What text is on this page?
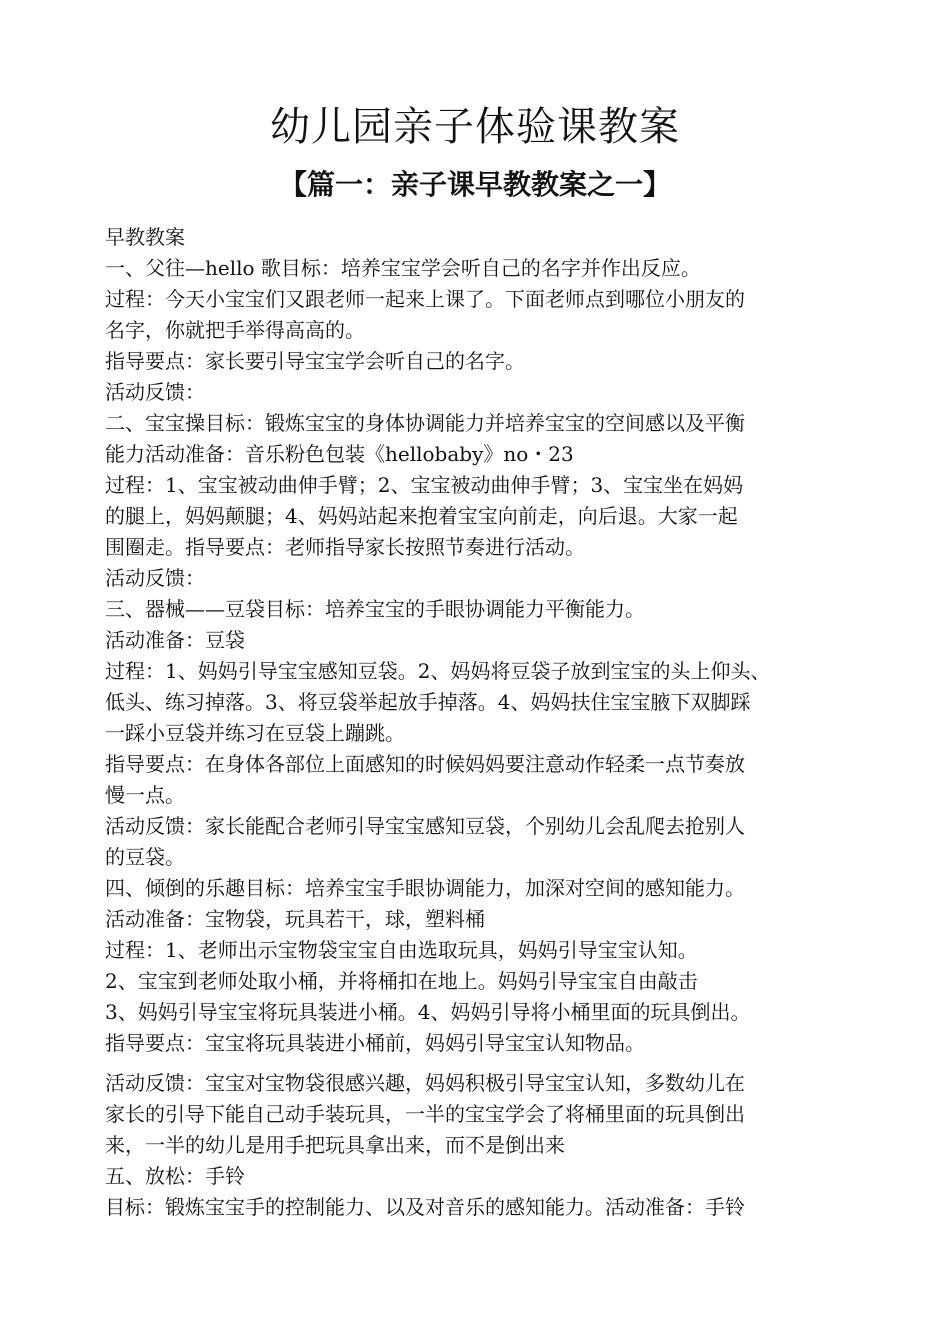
幼儿园亲子体验课教案
【篇一：亲子课早教教案之一】
早教教案
一、父往—hello 歌目标：培养宝宝学会听自己的名字并作出反应。
过程：今天小宝宝们又跟老师一起来上课了。下面老师点到哪位小朋友的
名字，你就把手举得高高的。
指导要点：家长要引导宝宝学会听自己的名字。
活动反馈：
二、宝宝操目标：锻炼宝宝的身体协调能力并培养宝宝的空间感以及平衡
能力活动准备：音乐粉色包装《hellobaby》no・23
过程：1、宝宝被动曲伸手臂；2、宝宝被动曲伸手臂；3、宝宝坐在妈妈
的腿上，妈妈颠腿；4、妈妈站起来抱着宝宝向前走，向后退。大家一起
围圈走。指导要点：老师指导家长按照节奏进行活动。
活动反馈：
三、器械——豆袋目标：培养宝宝的手眼协调能力平衡能力。
活动准备：豆袋
过程：1、妈妈引导宝宝感知豆袋。2、妈妈将豆袋子放到宝宝的头上仰头、
低头、练习掉落。3、将豆袋举起放手掉落。4、妈妈扶住宝宝腋下双脚踩
一踩小豆袋并练习在豆袋上蹦跳。
指导要点：在身体各部位上面感知的时候妈妈要注意动作轻柔一点节奏放
慢一点。
活动反馈：家长能配合老师引导宝宝感知豆袋，个别幼儿会乱爬去抢别人
的豆袋。
四、倾倒的乐趣目标：培养宝宝手眼协调能力，加深对空间的感知能力。
活动准备：宝物袋，玩具若干，球，塑料桶
过程：1、老师出示宝物袋宝宝自由选取玩具，妈妈引导宝宝认知。
2、宝宝到老师处取小桶，并将桶扣在地上。妈妈引导宝宝自由敲击
3、妈妈引导宝宝将玩具装进小桶。4、妈妈引导将小桶里面的玩具倒出。
指导要点：宝宝将玩具装进小桶前，妈妈引导宝宝认知物品。
活动反馈：宝宝对宝物袋很感兴趣，妈妈积极引导宝宝认知，多数幼儿在
家长的引导下能自己动手装玩具，一半的宝宝学会了将桶里面的玩具倒出
来，一半的幼儿是用手把玩具拿出来，而不是倒出来
五、放松：手铃
目标：锻炼宝宝手的控制能力、以及对音乐的感知能力。活动准备：手铃
